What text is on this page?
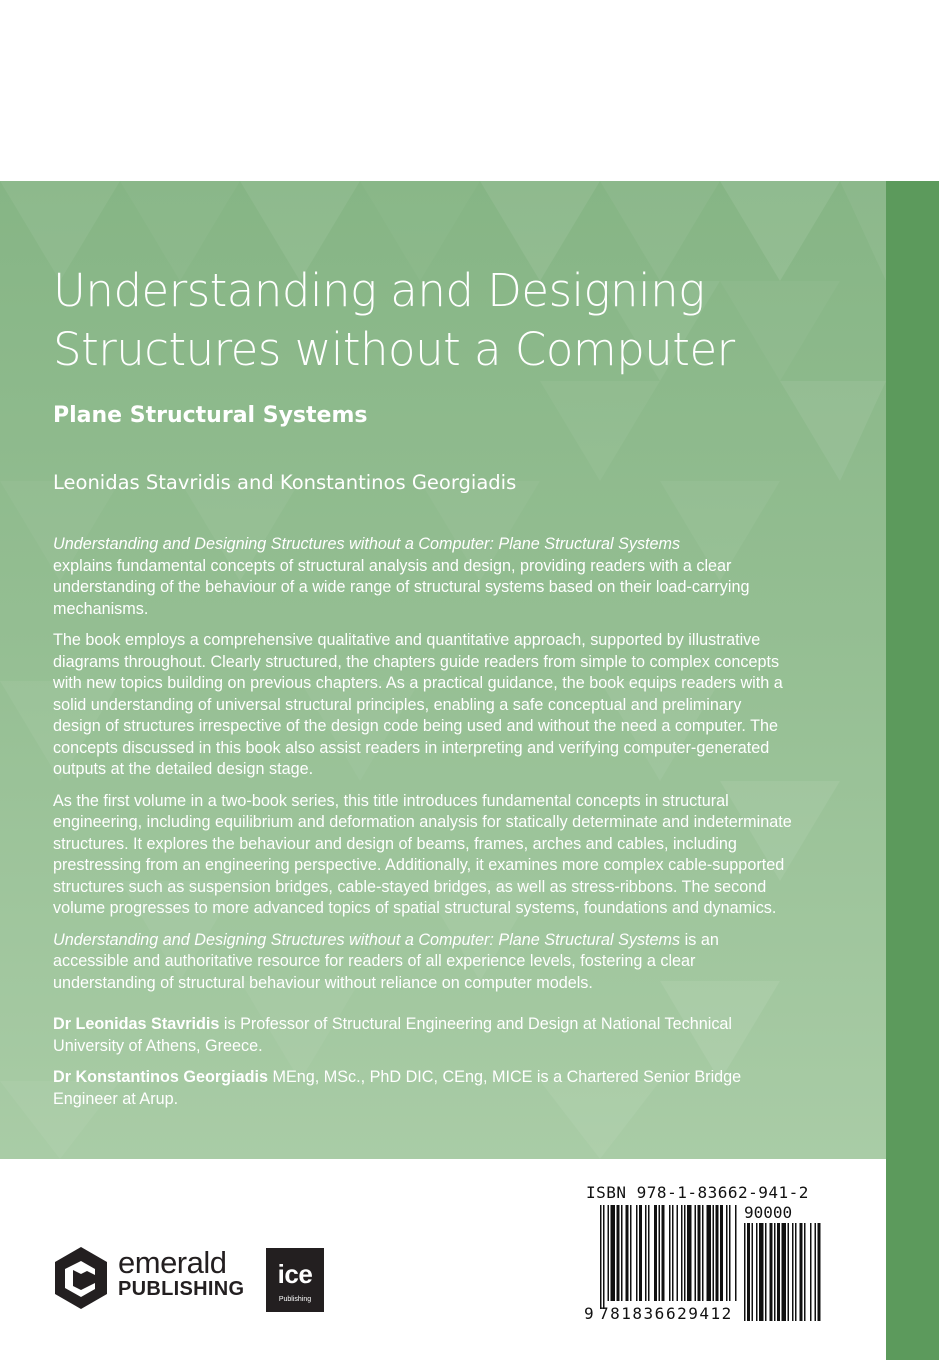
Understanding and Designing
Structures without a Computer
Plane Structural Systems
Leonidas Stavridis and Konstantinos Georgiadis

Understanding and Designing Structures without a Computer: Plane Structural Systems
explains fundamental concepts of structural analysis and design, providing readers with a clear understanding of the behaviour of a wide range of structural systems based on their load-carrying mechanisms.

The book employs a comprehensive qualitative and quantitative approach, supported by illustrative diagrams throughout. Clearly structured, the chapters guide readers from simple to complex concepts with new topics building on previous chapters. As a practical guidance, the book equips readers with a solid understanding of universal structural principles, enabling a safe conceptual and preliminary design of structures irrespective of the design code being used and without the need a computer. The concepts discussed in this book also assist readers in interpreting and verifying computer-generated outputs at the detailed design stage.

As the first volume in a two-book series, this title introduces fundamental concepts in structural engineering, including equilibrium and deformation analysis for statically determinate and indeterminate structures. It explores the behaviour and design of beams, frames, arches and cables, including prestressing from an engineering perspective. Additionally, it examines more complex cable-supported structures such as suspension bridges, cable-stayed bridges, as well as stress-ribbons. The second volume progresses to more advanced topics of spatial structural systems, foundations and dynamics.

Understanding and Designing Structures without a Computer: Plane Structural Systems is an accessible and authoritative resource for readers of all experience levels, fostering a clear understanding of structural behaviour without reliance on computer models.

Dr Leonidas Stavridis is Professor of Structural Engineering and Design at National Technical University of Athens, Greece.

Dr Konstantinos Georgiadis MEng, MSc., PhD DIC, CEng, MICE is a Chartered Senior Bridge Engineer at Arup.

emerald
PUBLISHING	ice
Publishing
ISBN 978-1-83662-941-2
90000
9 781836 629412
